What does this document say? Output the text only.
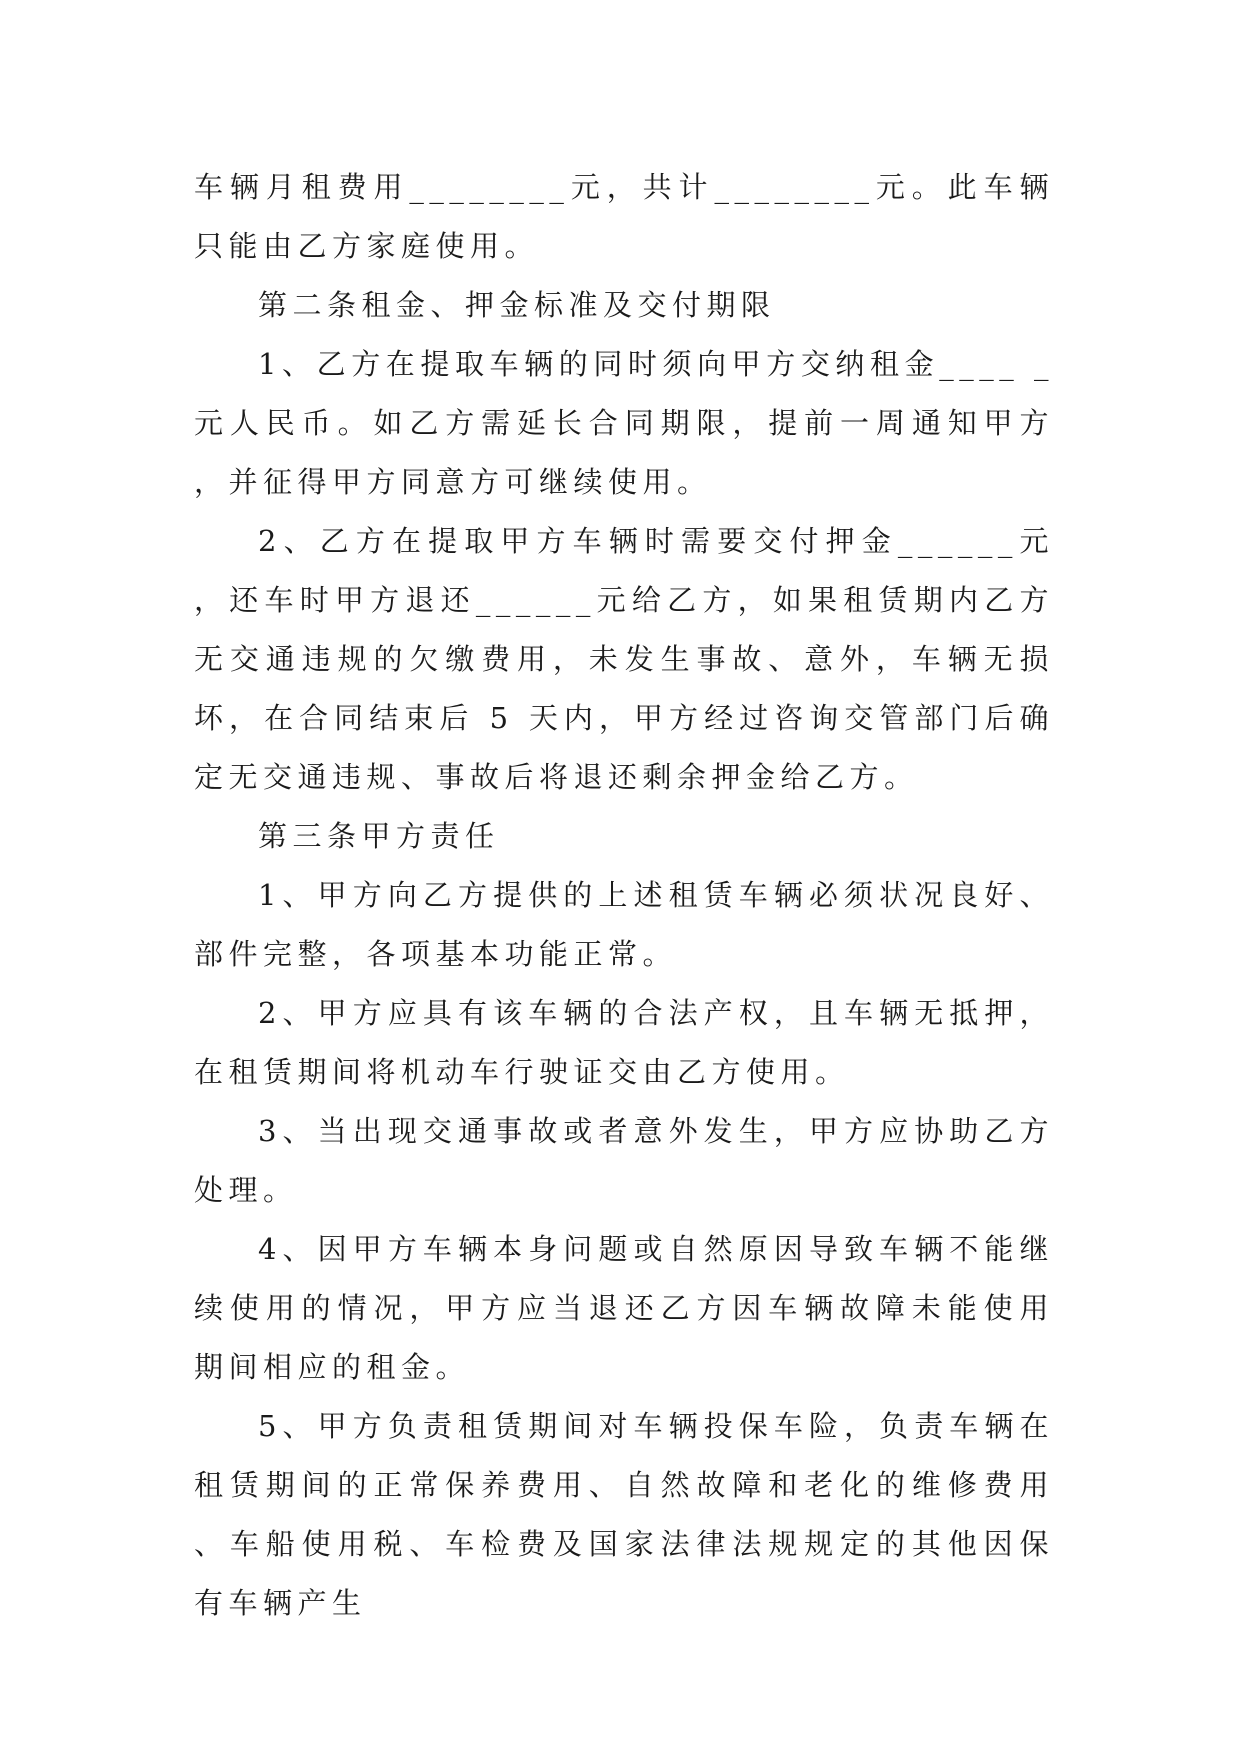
车辆月租费用________元，共计________元。此车辆只能由乙方家庭使用。

第二条租金、押金标准及交付期限

1、乙方在提取车辆的同时须向甲方交纳租金____ _元人民币。如乙方需延长合同期限，提前一周通知甲方，并征得甲方同意方可继续使用。

2、乙方在提取甲方车辆时需要交付押金______元，还车时甲方退还______元给乙方，如果租赁期内乙方无交通违规的欠缴费用，未发生事故、意外，车辆无损坏，在合同结束后 5 天内，甲方经过咨询交管部门后确定无交通违规、事故后将退还剩余押金给乙方。

第三条甲方责任

1、甲方向乙方提供的上述租赁车辆必须状况良好、部件完整，各项基本功能正常。

2、甲方应具有该车辆的合法产权，且车辆无抵押，在租赁期间将机动车行驶证交由乙方使用。

3、当出现交通事故或者意外发生，甲方应协助乙方处理。

4、因甲方车辆本身问题或自然原因导致车辆不能继续使用的情况，甲方应当退还乙方因车辆故障未能使用期间相应的租金。

5、甲方负责租赁期间对车辆投保车险，负责车辆在租赁期间的正常保养费用、自然故障和老化的维修费用、车船使用税、车检费及国家法律法规规定的其他因保有车辆产生
